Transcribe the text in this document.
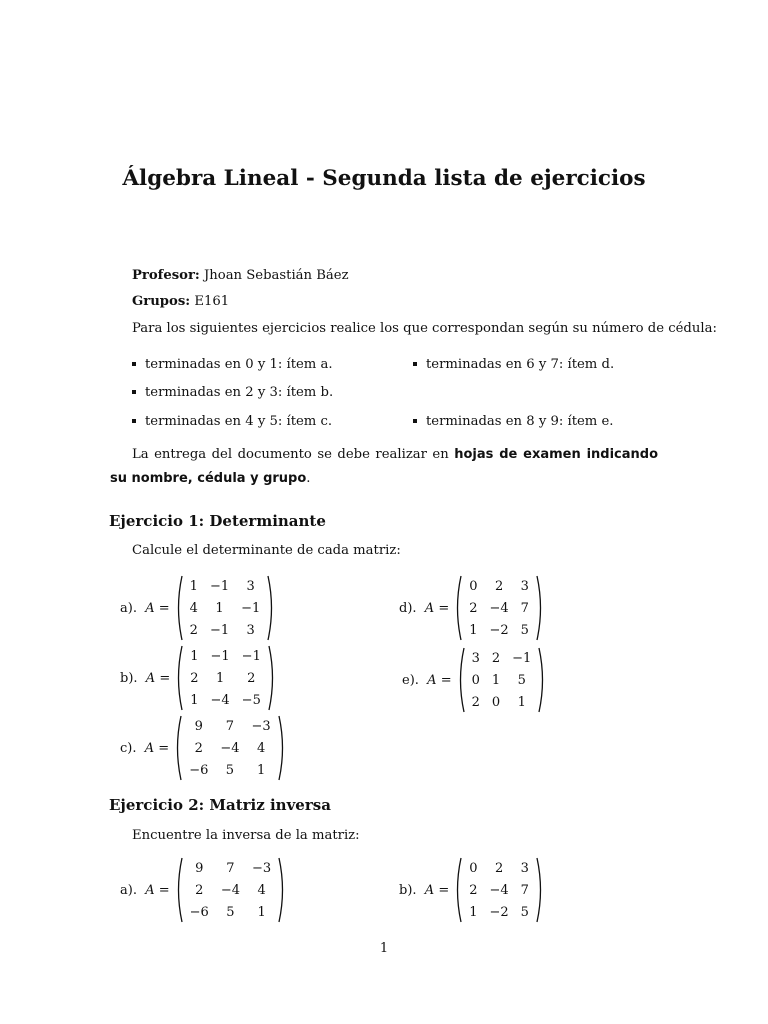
Álgebra Lineal - Segunda lista de ejercicios
Profesor: Jhoan Sebastián Báez
Grupos: E161
Para los siguientes ejercicios realice los que correspondan según su número de cédula:
terminadas en 0 y 1: ítem a.	terminadas en 6 y 7: ítem d.
terminadas en 2 y 3: ítem b.
terminadas en 4 y 5: ítem c.	terminadas en 8 y 9: ítem e.
La entrega del documento se debe realizar en hojas de examen indicando su nombre, cédula y grupo.
Ejercicio 1: Determinante
Calcule el determinante de cada matriz:
a). A =
1 −1	3
4	1	−1
2 −1	3
d). A =
0	2	3
2 −4 7
1 −2 5
b). A =
1 −1 −1
2	1	2
1 −4 −5
e). A =
3 2 −1
0 1	5
2 0	1
c). A =
9	7	−3
2	−4	4
−6	5	1
Ejercicio 2: Matriz inversa
Encuentre la inversa de la matriz:
a). A =
9	7	−3
2	−4	4
−6	5	1
b). A =
0	2	3
2 −4 7
1 −2 5
1
